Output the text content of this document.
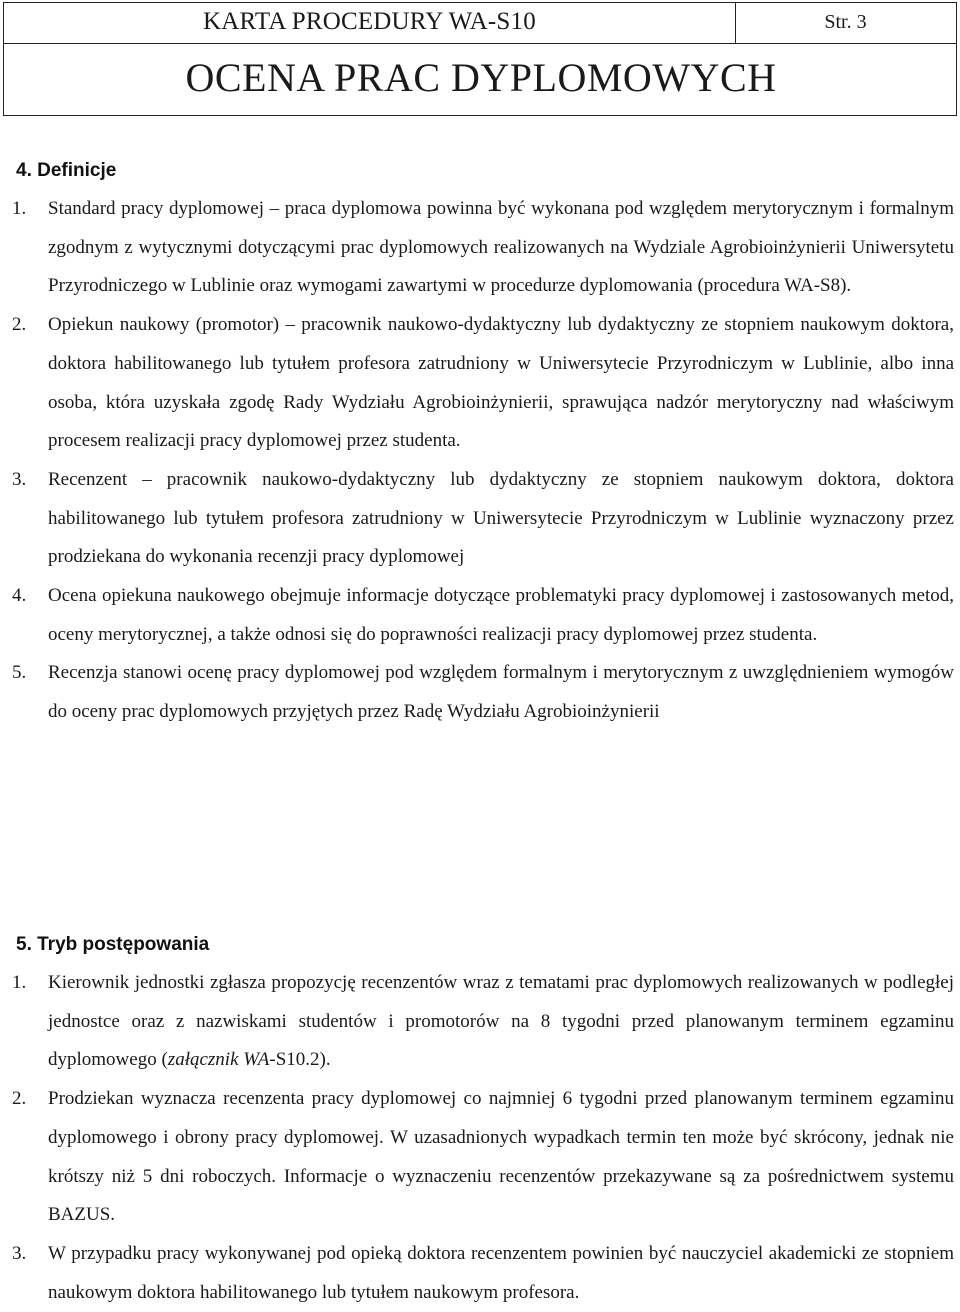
KARTA PROCEDURY WA-S10	Str. 3
OCENA PRAC DYPLOMOWYCH
4. Definicje
1. Standard pracy dyplomowej – praca dyplomowa powinna być wykonana pod względem merytorycznym i formalnym zgodnym z wytycznymi dotyczącymi prac dyplomowych realizowanych na Wydziale Agrobioinżynierii Uniwersytetu Przyrodniczego w Lublinie oraz wymogami zawartymi w procedurze dyplomowania (procedura WA-S8).
2. Opiekun naukowy (promotor) – pracownik naukowo-dydaktyczny lub dydaktyczny ze stopniem naukowym doktora, doktora habilitowanego lub tytułem profesora zatrudniony w Uniwersytecie Przyrodniczym w Lublinie, albo inna osoba, która uzyskała zgodę Rady Wydziału Agrobioinżynierii, sprawująca nadzór merytoryczny nad właściwym procesem realizacji pracy dyplomowej przez studenta.
3. Recenzent – pracownik naukowo-dydaktyczny lub dydaktyczny ze stopniem naukowym doktora, doktora habilitowanego lub tytułem profesora zatrudniony w Uniwersytecie Przyrodniczym w Lublinie wyznaczony przez prodziekana do wykonania recenzji pracy dyplomowej
4. Ocena opiekuna naukowego obejmuje informacje dotyczące problematyki pracy dyplomowej i zastosowanych metod, oceny merytorycznej, a także odnosi się do poprawności realizacji pracy dyplomowej przez studenta.
5. Recenzja stanowi ocenę pracy dyplomowej pod względem formalnym i merytorycznym z uwzględnieniem wymogów do oceny prac dyplomowych przyjętych przez Radę Wydziału Agrobioinżynierii
5. Tryb postępowania
1. Kierownik jednostki zgłasza propozycję recenzentów wraz z tematami prac dyplomowych realizowanych w podległej jednostce oraz z nazwiskami studentów i promotorów na 8 tygodni przed planowanym terminem egzaminu dyplomowego (załącznik WA-S10.2).
2. Prodziekan wyznacza recenzenta pracy dyplomowej co najmniej 6 tygodni przed planowanym terminem egzaminu dyplomowego i obrony pracy dyplomowej. W uzasadnionych wypadkach termin ten może być skrócony, jednak nie krótszy niż 5 dni roboczych. Informacje o wyznaczeniu recenzentów przekazywane są za pośrednictwem systemu BAZUS.
3. W przypadku pracy wykonywanej pod opieką doktora recenzentem powinien być nauczyciel akademicki ze stopniem naukowym doktora habilitowanego lub tytułem naukowym profesora.
